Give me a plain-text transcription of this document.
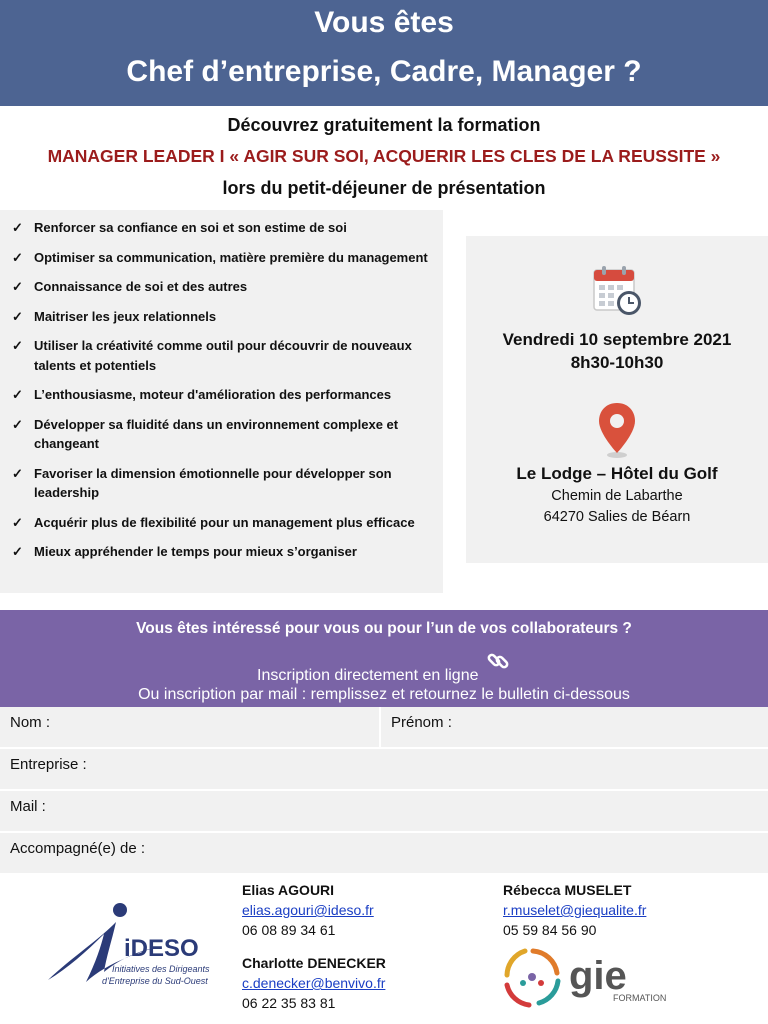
Vous êtes
Chef d’entreprise, Cadre, Manager ?
Découvrez gratuitement la formation
MANAGER LEADER I « AGIR SUR SOI, ACQUERIR LES CLES DE LA REUSSITE »
lors du petit-déjeuner de présentation
✓ Renforcer sa confiance en soi et son estime de soi
✓ Optimiser sa communication, matière première du management
✓ Connaissance de soi et des autres
✓ Maitriser les jeux relationnels
✓ Utiliser la créativité comme outil pour découvrir de nouveaux talents et potentiels
✓ L’enthousiasme, moteur d'amélioration des performances
✓ Développer sa fluidité dans un environnement complexe et changeant
✓ Favoriser la dimension émotionnelle pour développer son leadership
✓ Acquérir plus de flexibilité pour un management plus efficace
✓ Mieux appréhender le temps pour mieux s’organiser
Vendredi 10 septembre 2021
8h30-10h30
Le Lodge – Hôtel du Golf
Chemin de Labarthe
64270 Salies de Béarn
Vous êtes intéressé pour vous ou pour l’un de vos collaborateurs ?
Inscription directement en ligne
Ou inscription par mail : remplissez et retournez le bulletin ci-dessous
Nom :	Prénom :
Entreprise :
Mail :
Accompagné(e) de :
iDESO
Initiatives des Dirigeants
d'Entreprise du Sud-Ouest
Elias AGOURI
elias.agouri@ideso.fr
06 08 89 34 61
Charlotte DENECKER
c.denecker@benvivo.fr
06 22 35 83 81
Rébecca MUSELET
r.muselet@giequalite.fr
05 59 84 56 90
gie
FORMATION
